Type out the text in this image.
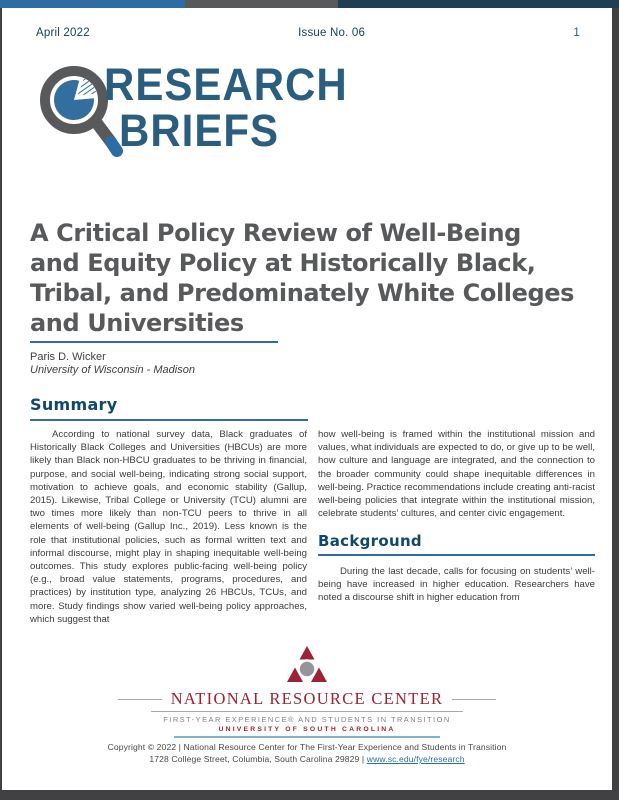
April 2022	Issue No. 06	1
RESEARCH
BRIEFS
A Critical Policy Review of Well-Being
and Equity Policy at Historically Black,
Tribal, and Predominately White Colleges
and Universities
Paris D. Wicker
University of Wisconsin - Madison
Summary

According to national survey data, Black graduates of Historically Black Colleges and Universities (HBCUs) are more likely than Black non-HBCU graduates to be thriving in financial, purpose, and social well-being, indicating strong social support, motivation to achieve goals, and economic stability (Gallup, 2015). Likewise, Tribal College or University (TCU) alumni are two times more likely than non-TCU peers to thrive in all elements of well-being (Gallup Inc., 2019). Less known is the role that institutional policies, such as formal written text and informal discourse, might play in shaping inequitable well-being outcomes. This study explores public-facing well-being policy (e.g., broad value statements, programs, procedures, and practices) by institution type, analyzing 26 HBCUs, TCUs, and more. Study findings show varied well-being policy approaches, which suggest that

how well-being is framed within the institutional mission and values, what individuals are expected to do, or give up to be well, how culture and language are integrated, and the connection to the broader community could shape inequitable differences in well-being. Practice recommendations include creating anti-racist well-being policies that integrate within the institutional mission, celebrate students’ cultures, and center civic engagement.

Background

During the last decade, calls for focusing on students’ well-being have increased in higher education. Researchers have noted a discourse shift in higher education from

NATIONAL RESOURCE CENTER
FIRST-YEAR EXPERIENCE® AND STUDENTS IN TRANSITION
UNIVERSITY OF SOUTH CAROLINA
Copyright © 2022 | National Resource Center for The First-Year Experience and Students in Transition
1728 College Street, Columbia, South Carolina 29829 | www.sc.edu/fye/research
